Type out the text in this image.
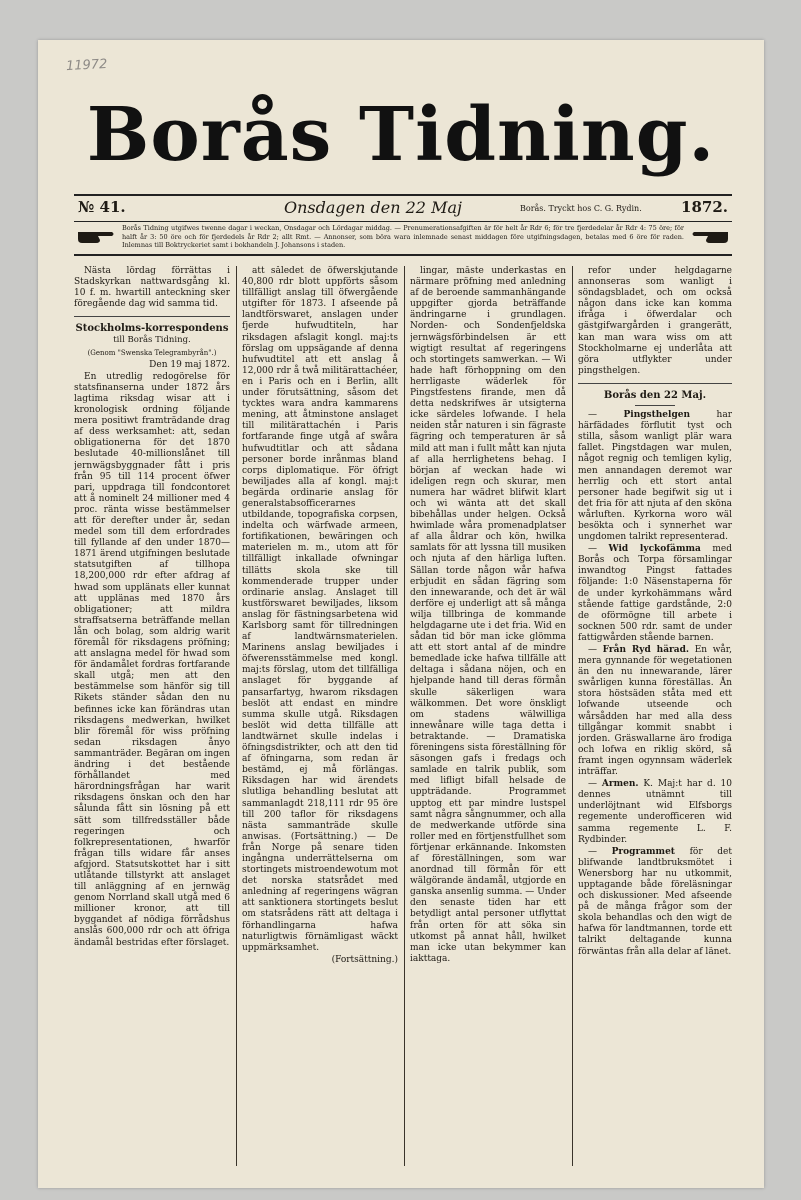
11972
Borås Tidning.
№ 41.	Onsdagen den 22 Maj	Borås. Tryckt hos C. G. Rydin.	1872.
Borås Tidning utgifwes twenne dagar i weckan, Onsdagar och Lördagar middag. — Prenumerationsafgiften är för helt år Rdr 6; för tre fjerdedelar år Rdr 4: 75 öre; för halft år 3: 50 öre och för fjerdedels år Rdr 2; allt Rmt. — Annonser, som böra wara inlemnade senast middagen före utgifningsdagen, betalas med 6 öre för raden. Inlemnas till Boktryckeriet samt i bokhandeln J. Johansons i staden.

Nästa lördag förrättas i Stadskyrkan nattwardsgång kl. 10 f. m. hwartill anteckning sker föregående dag wid samma tid.

Stockholms-korrespondens

till Borås Tidning.

(Genom "Swenska Telegrambyrån".)

Den 19 maj 1872.

En utredlig redogörelse för statsfinanserna under 1872 års lagtima riksdag wisar att i kronologisk ordning följande mera positiwt framträdande drag af dess werksamhet: att, sedan obligationerna för det 1870 beslutade 40-millionslånet till jernwägsbyggnader fått i pris från 95 till 114 procent öfwer pari, uppdraga till fondcontoret att å nominelt 24 millioner med 4 proc. ränta wisse bestämmelser att för derefter under år, sedan medel som till dem erfordrades till fyllande af den under 1870—1871 ärend utgifningen beslutade statsutgiften af tillhopa 18,200,000 rdr efter afdrag af hwad som upplänats eller kunnat att upplänas med 1870 års obligationer; att mildra straffsatserna beträffande mellan lån och bolag, som aldrig warit föremål för riksdagens pröfning; att anslagna medel för hwad som för ändamålet fordras fortfarande skall utgå; men att den bestämmelse som hänför sig till Rikets ständer sådan den nu befinnes icke kan förändras utan riksdagens medwerkan, hwilket blir föremål för wiss pröfning sedan riksdagen ånyo sammanträder. Begäran om ingen ändring i det bestående förhållandet med härordningsfrågan har warit riksdagens önskan och den har sålunda fått sin lösning på ett sätt som tillfredsställer både regeringen och folkrepresentationen, hwarför frågan tills widare får anses afgjord. Statsutskottet har i sitt utlåtande tillstyrkt att anslaget till anläggning af en jernwäg genom Norrland skall utgå med 6 millioner kronor, att till byggandet af nödiga förrådshus anslås 600,000 rdr och att öfriga ändamål bestridas efter förslaget.

att såledet de öfwerskjutande 40,800 rdr blott uppförts såsom tillfälligt anslag till öfwergående utgifter för 1873. I afseende på landtförswaret, anslagen under fjerde hufwudtiteln, har riksdagen afslagit kongl. maj:ts förslag om uppsägande af denna hufwudtitel att ett anslag å 12,000 rdr å twå militärattachéer, en i Paris och en i Berlin, allt under förutsättning, såsom det tycktes wara andra kammarens mening, att åtminstone anslaget till militärattachén i Paris fortfarande finge utgå af swåra hufwudtitlar och att sådana personer borde inrånmas bland corps diplomatique. För öfrigt bewiljades alla af kongl. maj:t begärda ordinarie anslag för generalstabsofficerarnes utbildande, topografiska corpsen, indelta och wärfwade armeen, fortifikationen, bewäringen och materielen m. m., utom att för tillfälligt inkallade ofwningar tillätts skola ske till kommenderade trupper under ordinarie anslag. Anslaget till kustförswaret bewiljades, liksom anslag för fästningsarbetena wid Karlsborg samt för tillredningen af landtwärnsmaterielen. Marinens anslag bewiljades i öfwerensstämmelse med kongl. maj:ts förslag, utom det tillfälliga anslaget för byggande af pansarfartyg, hwarom riksdagen beslöt att endast en mindre summa skulle utgå. Riksdagen beslöt wid detta tillfälle att landtwärnet skulle indelas i öfningsdistrikter, och att den tid af öfningarna, som redan är bestämd, ej må förlängas. Riksdagen har wid ärendets slutliga behandling beslutat att sammanlagdt 218,111 rdr 95 öre till 200 taflor för riksdagens nästa sammanträde skulle anwisas. (Fortsättning.) — De från Norge på senare tiden ingångna underrättelserna om stortingets mistroendewotum mot det norska statsrådet med anledning af regeringens wägran att sanktionera stortingets beslut om statsrådens rätt att deltaga i förhandlingarna hafwa naturligtwis förnämligast wäckt uppmärksamhet.

(Fortsättning.)

lingar, måste underkastas en närmare pröfning med anledning af de beroende sammanhängande uppgifter gjorda beträffande ändringarne i grundlagen. Norden- och Sondenfjeldska jernwägsförbindelsen är ett wigtigt resultat af regeringens och stortingets samwerkan. — Wi hade haft förhoppning om den herrligaste wäderlek för Pingstfestens firande, men då detta nedskrifwes är utsigterna icke särdeles lofwande. I hela neiden står naturen i sin fägraste fägring och temperaturen är så mild att man i fullt mått kan njuta af alla herrlighetens behag. I början af weckan hade wi ideligen regn och skurar, men numera har wädret blifwit klart och wi wänta att det skall bibehållas under helgen. Också hwimlade wåra promenadplatser af alla åldrar och kön, hwilka samlats för att lyssna till musiken och njuta af den härliga luften. Sällan torde någon wår hafwa erbjudit en sådan fägring som den innewarande, och det är wäl derföre ej underligt att så många wilja tillbringa de kommande helgdagarne ute i det fria. Wid en sådan tid bör man icke glömma att ett stort antal af de mindre bemedlade icke hafwa tillfälle att deltaga i sådana nöjen, och en hjelpande hand till deras förmån skulle säkerligen wara wälkommen. Det wore önskligt om stadens wälwilliga innewånare wille taga detta i betraktande. — Dramatiska föreningens sista föreställning för säsongen gafs i fredags och samlade en talrik publik, som med lifligt bifall helsade de uppträdande. Programmet upptog ett par mindre lustspel samt några sångnummer, och alla de medwerkande utförde sina roller med en förtjenstfullhet som förtjenar erkännande. Inkomsten af föreställningen, som war anordnad till förmån för ett wälgörande ändamål, utgjorde en ganska ansenlig summa. — Under den senaste tiden har ett betydligt antal personer utflyttat från orten för att söka sin utkomst på annat håll, hwilket man icke utan bekymmer kan iakttaga.

refor under helgdagarne annonseras som wanligt i söndagsbladet, och om också någon dans icke kan komma ifråga i öfwerdalar och gästgifwargården i grangerätt, kan man wara wiss om att Stockholmarne ej underlåta att göra utflykter under pingsthelgen.

Borås den 22 Maj.

— Pingsthelgen	har härfädades förflutit tyst och stilla, såsom wanligt plär wara fallet. Pingstdagen war mulen, något regnig och temligen kylig, men annandagen deremot war herrlig och ett stort antal personer hade begifwit sig ut i det fria för att njuta af den sköna wårluften. Kyrkorna woro wäl besökta och i synnerhet war ungdomen talrikt representerad.

— Wid lyckofämma med Borås och Torpa församlingar inwandtog Pingst fattades följande: 1:0 Näsenstaperna för de under kyrkohämmans wård stående fattige gardstånde, 2:0 de oförmögne till arbete i socknen 500 rdr. samt de under fattigwården stående barnen.

— Från Ryd härad. En wår, mera gynnande för wegetationen än den nu innewarande, lärer swårligen kunna föreställas. Ån stora höstsäden ståta med ett lofwande utseende och wårsådden har med alla dess tillgångar kommit snabbt i jorden. Gräswallarne äro frodiga och lofwa en riklig skörd, så framt ingen ogynnsam wäderlek inträffar.

— Armen. K. Maj:t har d. 10 dennes utnämnt till underlöjtnant wid Elfsborgs regemente underofficeren wid samma regemente L. F. Rydbinder.

— Programmet för det blifwande landtbruksmötet i Wenersborg har nu utkommit, upptagande både föreläsningar och diskussioner. Med afseende på de många frågor som der skola behandlas och den wigt de hafwa för landtmannen, torde ett talrikt deltagande kunna förwäntas från alla delar af länet.
